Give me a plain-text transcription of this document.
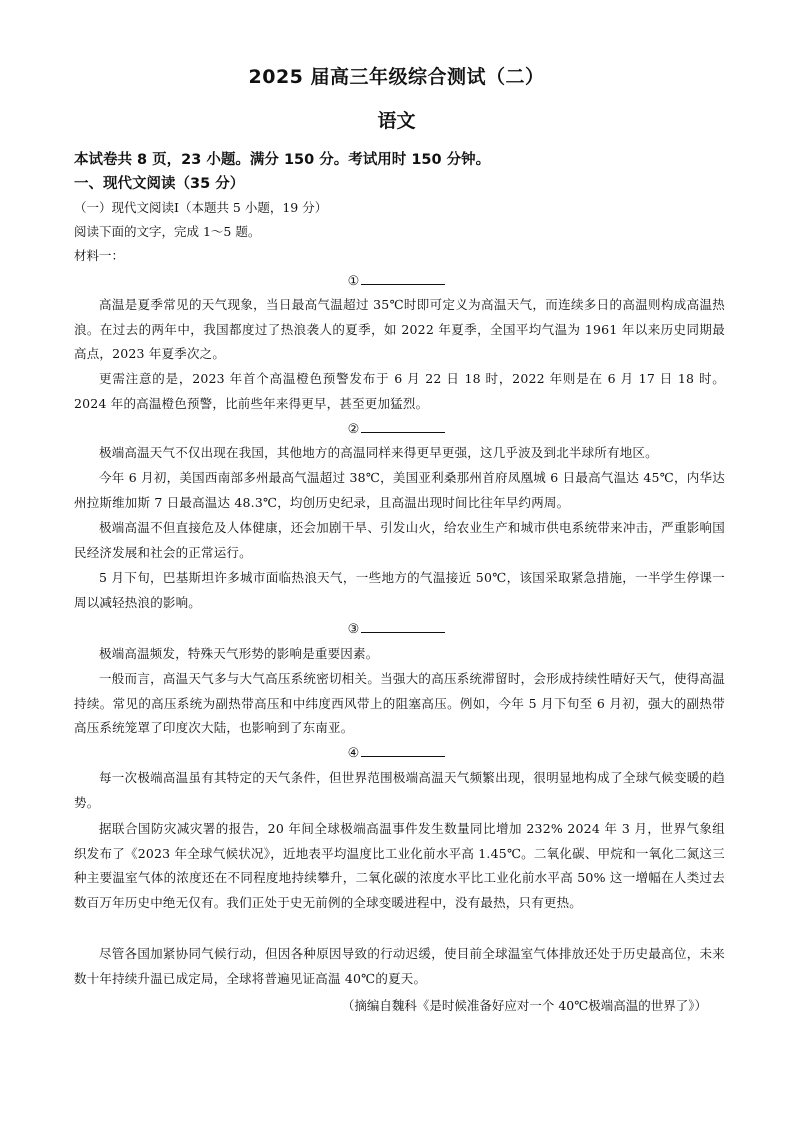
2025 届高三年级综合测试（二）
语文
本试卷共 8 页，23 小题。满分 150 分。考试用时 150 分钟。
一、现代文阅读（35 分）
（一）现代文阅读Ⅰ（本题共 5 小题，19 分）
阅读下面的文字，完成 1～5 题。
材料一：
①
高温是夏季常见的天气现象，当日最高气温超过 35℃时即可定义为高温天气，而连续多日的高温则构成高温热浪。在过去的两年中，我国都度过了热浪袭人的夏季，如 2022 年夏季，全国平均气温为 1961 年以来历史同期最高点，2023 年夏季次之。
更需注意的是，2023 年首个高温橙色预警发布于 6 月 22 日 18 时，2022 年则是在 6 月 17 日 18 时。2024 年的高温橙色预警，比前些年来得更早，甚至更加猛烈。
②
极端高温天气不仅出现在我国，其他地方的高温同样来得更早更强，这几乎波及到北半球所有地区。
今年 6 月初，美国西南部多州最高气温超过 38℃，美国亚利桑那州首府凤凰城 6 日最高气温达 45℃，内华达州拉斯维加斯 7 日最高温达 48.3℃，均创历史纪录，且高温出现时间比往年早约两周。
极端高温不但直接危及人体健康，还会加剧干旱、引发山火，给农业生产和城市供电系统带来冲击，严重影响国民经济发展和社会的正常运行。
5 月下旬，巴基斯坦许多城市面临热浪天气，一些地方的气温接近 50℃，该国采取紧急措施，一半学生停课一周以减轻热浪的影响。
③
极端高温频发，特殊天气形势的影响是重要因素。
一般而言，高温天气多与大气高压系统密切相关。当强大的高压系统滞留时，会形成持续性晴好天气，使得高温持续。常见的高压系统为副热带高压和中纬度西风带上的阻塞高压。例如，今年 5 月下旬至 6 月初，强大的副热带高压系统笼罩了印度次大陆，也影响到了东南亚。
④
每一次极端高温虽有其特定的天气条件，但世界范围极端高温天气频繁出现，很明显地构成了全球气候变暖的趋势。
据联合国防灾减灾署的报告，20 年间全球极端高温事件发生数量同比增加 232% 2024 年 3 月，世界气象组织发布了《2023 年全球气候状况》，近地表平均温度比工业化前水平高 1.45℃。二氧化碳、甲烷和一氧化二氮这三种主要温室气体的浓度还在不同程度地持续攀升，二氧化碳的浓度水平比工业化前水平高 50% 这一增幅在人类过去数百万年历史中绝无仅有。我们正处于史无前例的全球变暖进程中，没有最热，只有更热。
尽管各国加紧协同气候行动，但因各种原因导致的行动迟缓，使目前全球温室气体排放还处于历史最高位，未来数十年持续升温已成定局，全球将普遍见证高温 40℃的夏天。
（摘编自魏科《是时候准备好应对一个 40℃极端高温的世界了》）
